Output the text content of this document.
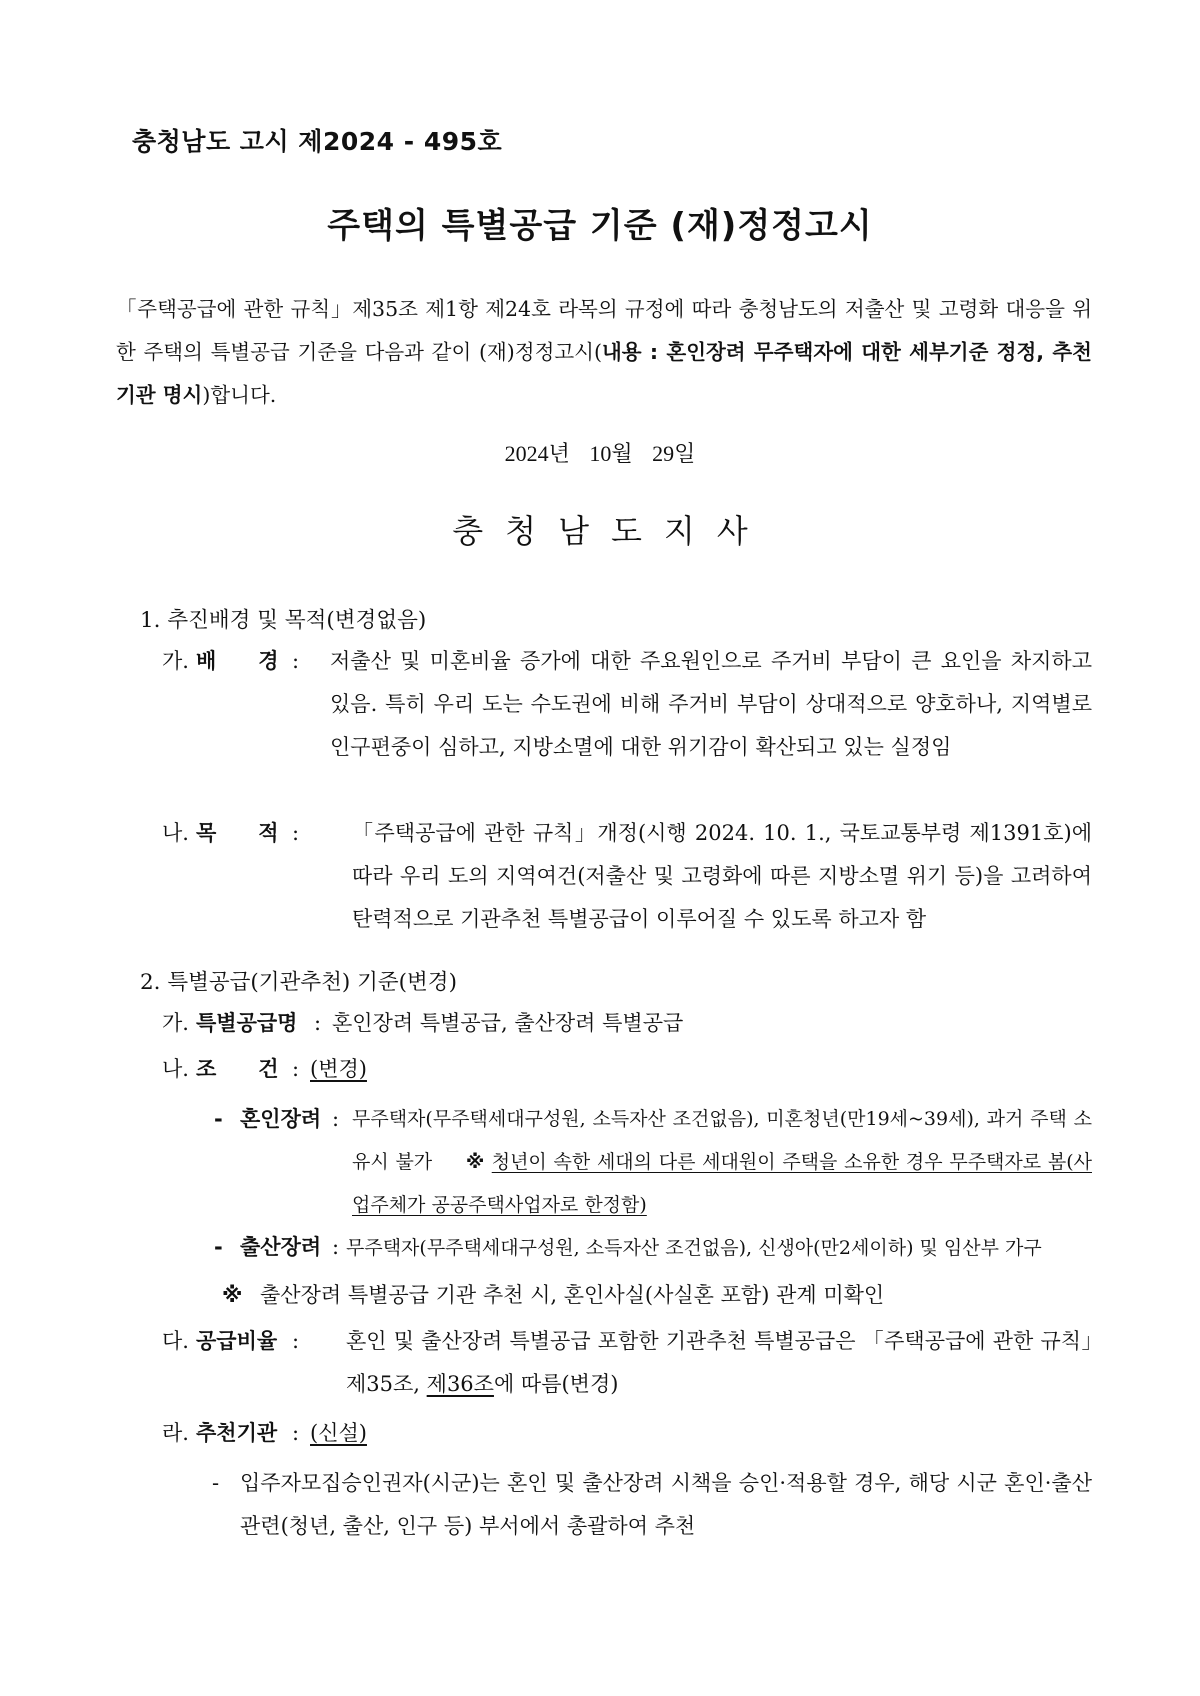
충청남도 고시 제2024 - 495호
주택의 특별공급 기준 (재)정정고시
「주택공급에 관한 규칙」제35조 제1항 제24호 라목의 규정에 따라 충청남도의 저출산 및 고령화 대응을 위한 주택의 특별공급 기준을 다음과 같이 (재)정정고시(내용 : 혼인장려 무주택자에 대한 세부기준 정정, 추천기관 명시)합니다.
2024년 10월 29일
충청남도지사
1. 추진배경 및 목적(변경없음)
가. 배　　경 : 저출산 및 미혼비율 증가에 대한 주요원인으로 주거비 부담이 큰 요인을 차지하고 있음. 특히 우리 도는 수도권에 비해 주거비 부담이 상대적으로 양호하나, 지역별로 인구편중이 심하고, 지방소멸에 대한 위기감이 확산되고 있는 실정임
나. 목　　적 :	「주택공급에 관한 규칙」개정(시행 2024. 10. 1., 국토교통부령 제1391호)에 따라 우리 도의 지역여건(저출산 및 고령화에 따른 지방소멸 위기 등)을 고려하여 탄력적으로 기관추천 특별공급이 이루어질 수 있도록 하고자 함
2. 특별공급(기관추천) 기준(변경)
가. 특별공급명 : 혼인장려 특별공급, 출산장려 특별공급
나. 조　　건 : (변경)
- 혼인장려 : 무주택자(무주택세대구성원, 소득자산 조건없음), 미혼청년(만19세~39세), 과거 주택 소유시 불가 ※ 청년이 속한 세대의 다른 세대원이 주택을 소유한 경우 무주택자로 봄(사업주체가 공공주택사업자로 한정함)
- 출산장려 : 무주택자(무주택세대구성원, 소득자산 조건없음), 신생아(만2세이하) 및 임산부 가구
※ 출산장려 특별공급 기관 추천 시, 혼인사실(사실혼 포함) 관계 미확인
다. 공급비율 : 혼인 및 출산장려 특별공급 포함한 기관추천 특별공급은 「주택공급에 관한 규칙」제35조, 제36조에 따름(변경)
라. 추천기관 : (신설)
- 입주자모집승인권자(시군)는 혼인 및 출산장려 시책을 승인·적용할 경우, 해당 시군 혼인·출산 관련(청년, 출산, 인구 등) 부서에서 총괄하여 추천
